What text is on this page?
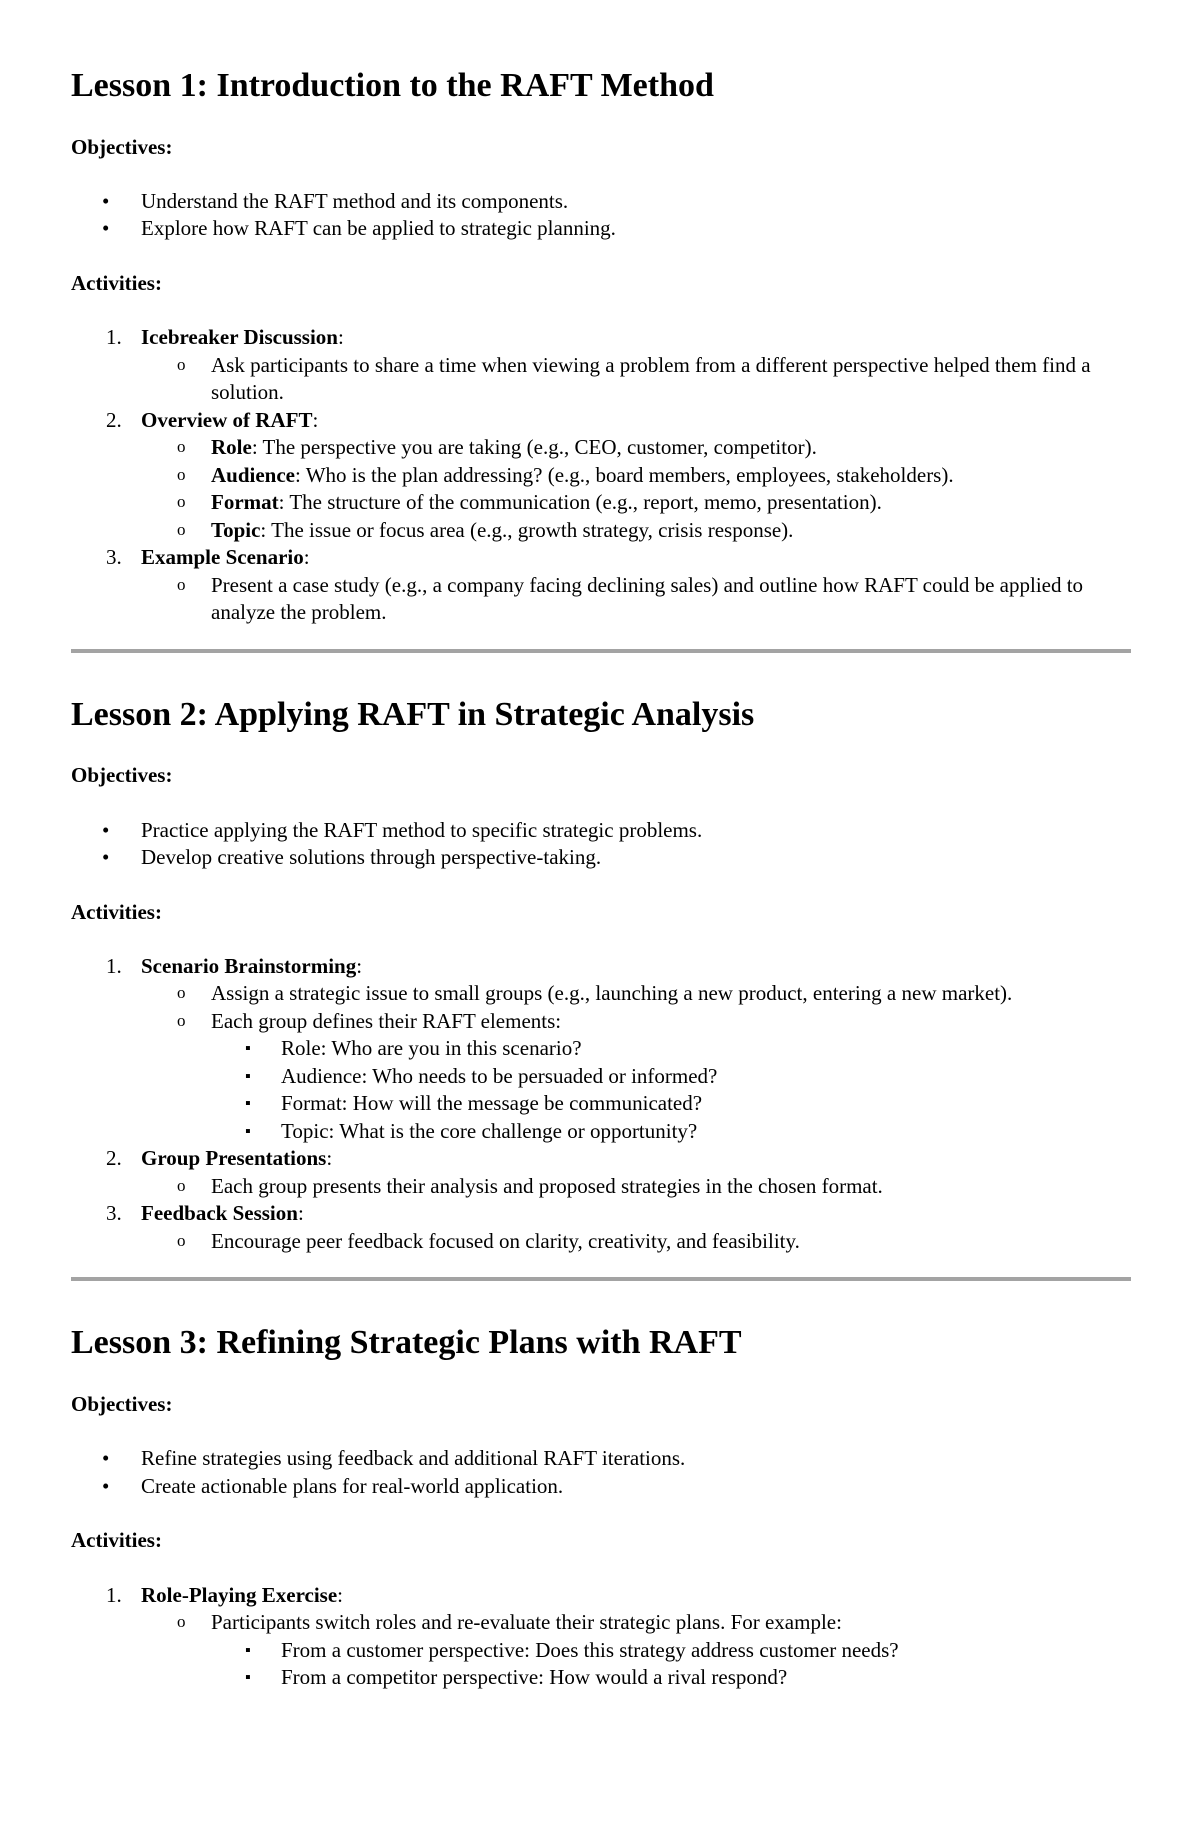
Lesson 1: Introduction to the RAFT Method
Objectives:
• Understand the RAFT method and its components.
• Explore how RAFT can be applied to strategic planning.
Activities:
1. Icebreaker Discussion:
o Ask participants to share a time when viewing a problem from a different perspective helped them find a solution.
2. Overview of RAFT:
o Role: The perspective you are taking (e.g., CEO, customer, competitor).
o Audience: Who is the plan addressing? (e.g., board members, employees, stakeholders).
o Format: The structure of the communication (e.g., report, memo, presentation).
o Topic: The issue or focus area (e.g., growth strategy, crisis response).
3. Example Scenario:
o Present a case study (e.g., a company facing declining sales) and outline how RAFT could be applied to analyze the problem.
Lesson 2: Applying RAFT in Strategic Analysis
Objectives:
• Practice applying the RAFT method to specific strategic problems.
• Develop creative solutions through perspective-taking.
Activities:
1. Scenario Brainstorming:
o Assign a strategic issue to small groups (e.g., launching a new product, entering a new market).
o Each group defines their RAFT elements:
▪ Role: Who are you in this scenario?
▪ Audience: Who needs to be persuaded or informed?
▪ Format: How will the message be communicated?
▪ Topic: What is the core challenge or opportunity?
2. Group Presentations:
o Each group presents their analysis and proposed strategies in the chosen format.
3. Feedback Session:
o Encourage peer feedback focused on clarity, creativity, and feasibility.
Lesson 3: Refining Strategic Plans with RAFT
Objectives:
• Refine strategies using feedback and additional RAFT iterations.
• Create actionable plans for real-world application.
Activities:
1. Role-Playing Exercise:
o Participants switch roles and re-evaluate their strategic plans. For example:
▪ From a customer perspective: Does this strategy address customer needs?
▪ From a competitor perspective: How would a rival respond?
